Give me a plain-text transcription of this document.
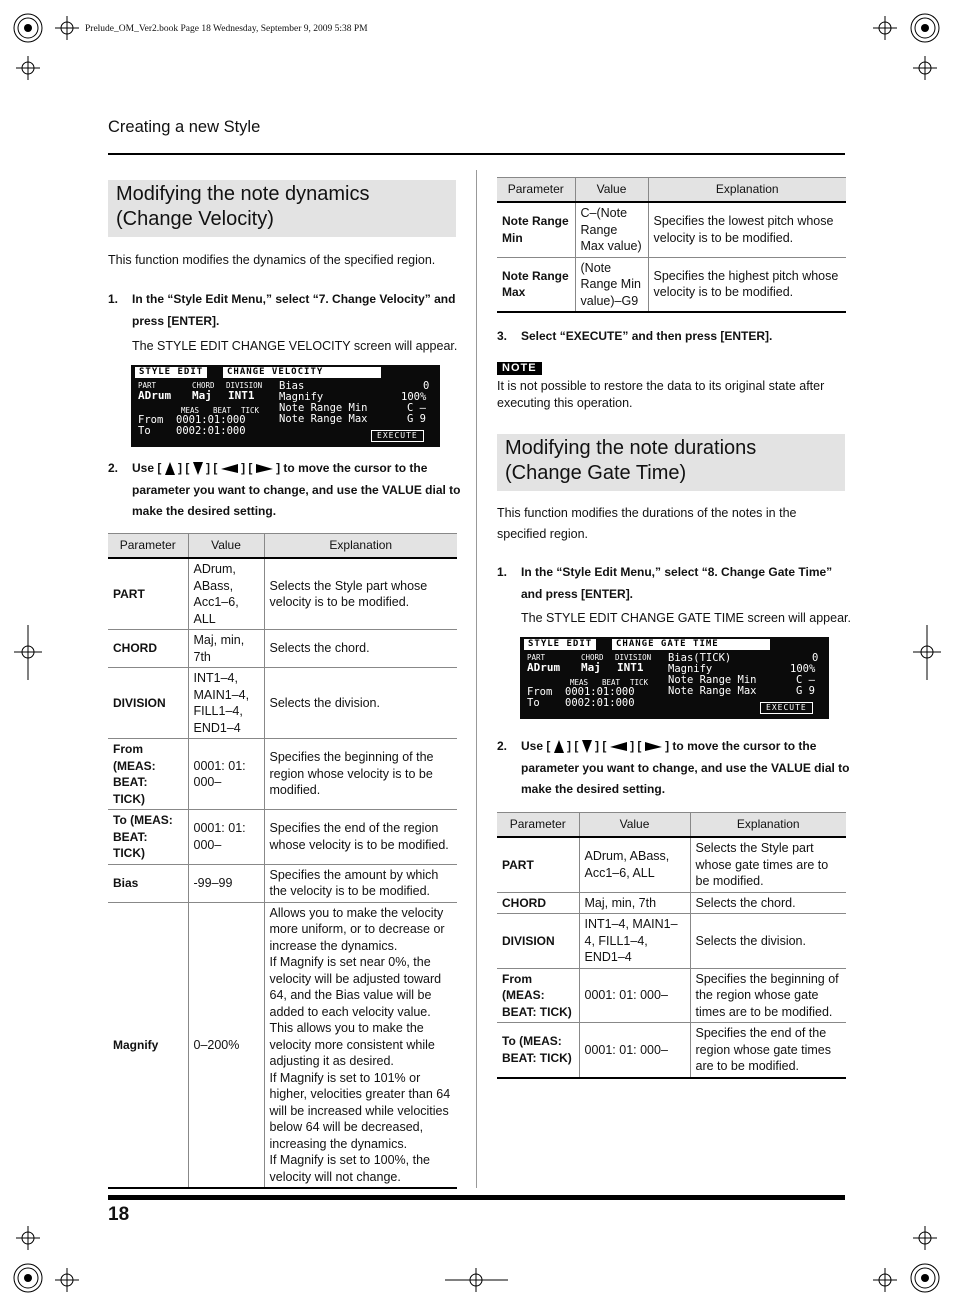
Prelude_OM_Ver2.book Page 18 Wednesday, September 9, 2009 5:38 PM
Creating a new Style
Modifying the note dynamics
(Change Velocity)
This function modifies the dynamics of the specified region.
1. In the “Style Edit Menu,” select “7. Change Velocity” and press [ENTER].
The STYLE EDIT CHANGE VELOCITY screen will appear.
STYLE EDIT	CHANGE VELOCITY
PART	CHORD DIVISION
ADrum Maj INT1
MEAS BEAT TICK
From 0001:01:000
To 0002:01:000
Bias	0
Magnify	100%
Note Range Min	C –
Note Range Max	G 9
EXECUTE
2. Use [ ] [ ] [ ] [ ] to move the cursor to the
parameter you want to change, and use the VALUE dial to
make the desired setting.
Parameter	Value	Explanation
PART	ADrum, ABass, Acc1–6, ALL	Selects the Style part whose velocity is to be modified.
CHORD	Maj, min, 7th	Selects the chord.
DIVISION	INT1–4, MAIN1–4, FILL1–4, END1–4	Selects the division.
From (MEAS: BEAT: TICK)	0001: 01: 000–	Specifies the beginning of the region whose velocity is to be modified.
To (MEAS: BEAT: TICK)	0001: 01: 000–	Specifies the end of the region whose velocity is to be modified.
Bias	-99–99	Specifies the amount by which the velocity is to be modified.
Magnify	0–200%	Allows you to make the velocity more uniform, or to decrease or increase the dynamics.
If Magnify is set near 0%, the velocity will be adjusted toward 64, and the Bias value will be added to each velocity value. This allows you to make the velocity more consistent while adjusting it as desired.
If Magnify is set to 101% or higher, velocities greater than 64 will be increased while velocities below 64 will be decreased, increasing the dynamics.
If Magnify is set to 100%, the velocity will not change.
Parameter	Value	Explanation
Note Range Min	C–(Note Range Max value)	Specifies the lowest pitch whose velocity is to be modified.
Note Range Max	(Note Range Min value)–G9	Specifies the highest pitch whose velocity is to be modified.
3. Select “EXECUTE” and then press [ENTER].
NOTE
It is not possible to restore the data to its original state after executing this operation.
Modifying the note durations
(Change Gate Time)
This function modifies the durations of the notes in the specified region.
1. In the “Style Edit Menu,” select “8. Change Gate Time” and press [ENTER].
The STYLE EDIT CHANGE GATE TIME screen will appear.
STYLE EDIT	CHANGE GATE TIME
PART	CHORD DIVISION
ADrum Maj INT1
MEAS BEAT TICK
From 0001:01:000
To 0002:01:000
Bias(TICK)	0
Magnify	100%
Note Range Min	C –
Note Range Max	G 9
EXECUTE
2. Use [ ] [ ] [ ] [ ] to move the cursor to the
parameter you want to change, and use the VALUE dial to
make the desired setting.
Parameter	Value	Explanation
PART	ADrum, ABass, Acc1–6, ALL	Selects the Style part whose gate times are to be modified.
CHORD	Maj, min, 7th	Selects the chord.
DIVISION	INT1–4, MAIN1–4, FILL1–4, END1–4	Selects the division.
From (MEAS: BEAT: TICK)	0001: 01: 000–	Specifies the beginning of the region whose gate times are to be modified.
To (MEAS: BEAT: TICK)	0001: 01: 000–	Specifies the end of the region whose gate times are to be modified.
18
